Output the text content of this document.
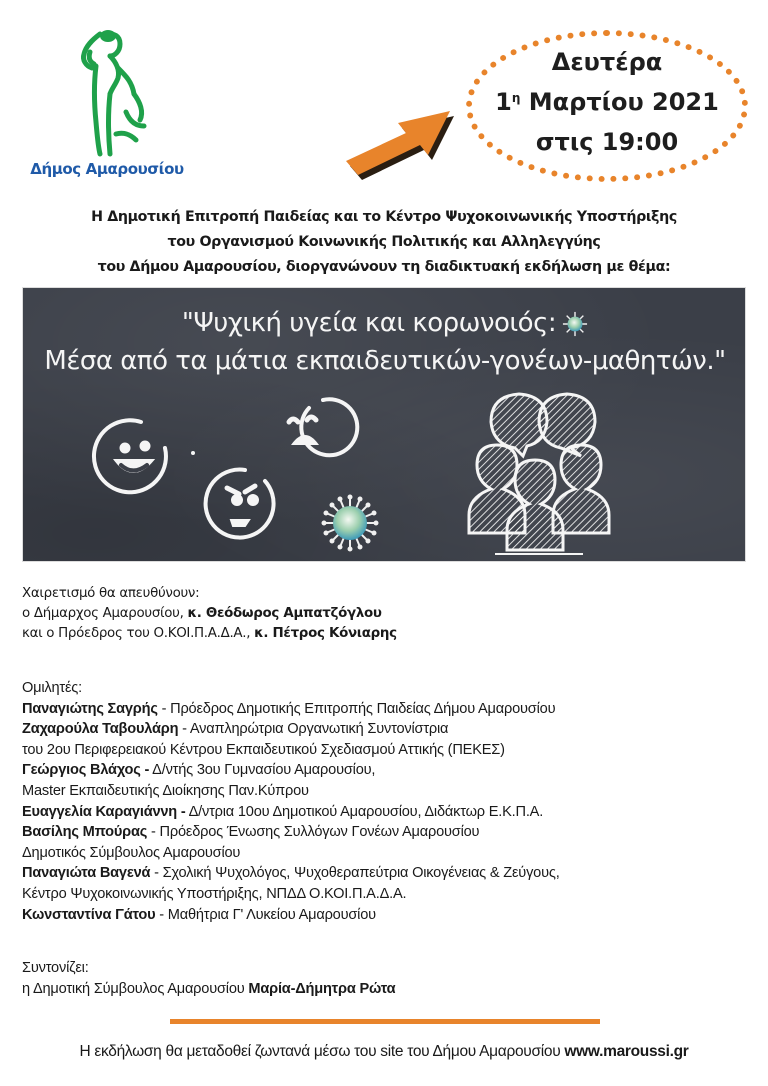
Δήμος Αμαρουσίου
Δευτέρα
$1^\eta$ Μαρτίου 2021
στις 19:00
Η Δημοτική Επιτροπή Παιδείας και το Κέντρο Ψυχοκοινωνικής Υποστήριξης
του Οργανισμού Κοινωνικής Πολιτικής και Αλληλεγγύης
του Δήμου Αμαρουσίου, διοργανώνουν τη διαδικτυακή εκδήλωση με θέμα:
"Ψυχική υγεία και κορωνοιός:
Μέσα από τα μάτια εκπαιδευτικών-γονέων-μαθητών."
Χαιρετισμό θα απευθύνουν:
ο Δήμαρχος Αμαρουσίου, κ. Θεόδωρος Αμπατζόγλου
και ο Πρόεδρος του Ο.ΚΟΙ.Π.Α.Δ.Α., κ. Πέτρος Κόνιαρης
Ομιλητές:
Παναγιώτης Σαγρής - Πρόεδρος Δημοτικής Επιτροπής Παιδείας Δήμου Αμαρουσίου
Ζαχαρούλα Ταβουλάρη - Αναπληρώτρια Οργανωτική Συντονίστρια
του 2ου Περιφερειακού Κέντρου Εκπαιδευτικού Σχεδιασμού Αττικής (ΠΕΚΕΣ)
Γεώργιος Βλάχος - Δ/ντής 3ου Γυμνασίου Αμαρουσίου,
Master Εκπαιδευτικής Διοίκησης Παν.Κύπρου
Ευαγγελία Καραγιάννη - Δ/ντρια 10ου Δημοτικού Αμαρουσίου, Διδάκτωρ Ε.Κ.Π.Α.
Βασίλης Μπούρας - Πρόεδρος Ένωσης Συλλόγων Γονέων Αμαρουσίου
Δημοτικός Σύμβουλος Αμαρουσίου
Παναγιώτα Βαγενά - Σχολική Ψυχολόγος, Ψυχοθεραπεύτρια Οικογένειας & Ζεύγους,
Κέντρο Ψυχοκοινωνικής Υποστήριξης, ΝΠΔΔ Ο.ΚΟΙ.Π.Α.Δ.Α.
Κωνσταντίνα Γάτου - Μαθήτρια Γ' Λυκείου Αμαρουσίου
Συντονίζει:
η Δημοτική Σύμβουλος Αμαρουσίου Μαρία-Δήμητρα Ρώτα
Η εκδήλωση θα μεταδοθεί ζωντανά μέσω του site του Δήμου Αμαρουσίου www.maroussi.gr
